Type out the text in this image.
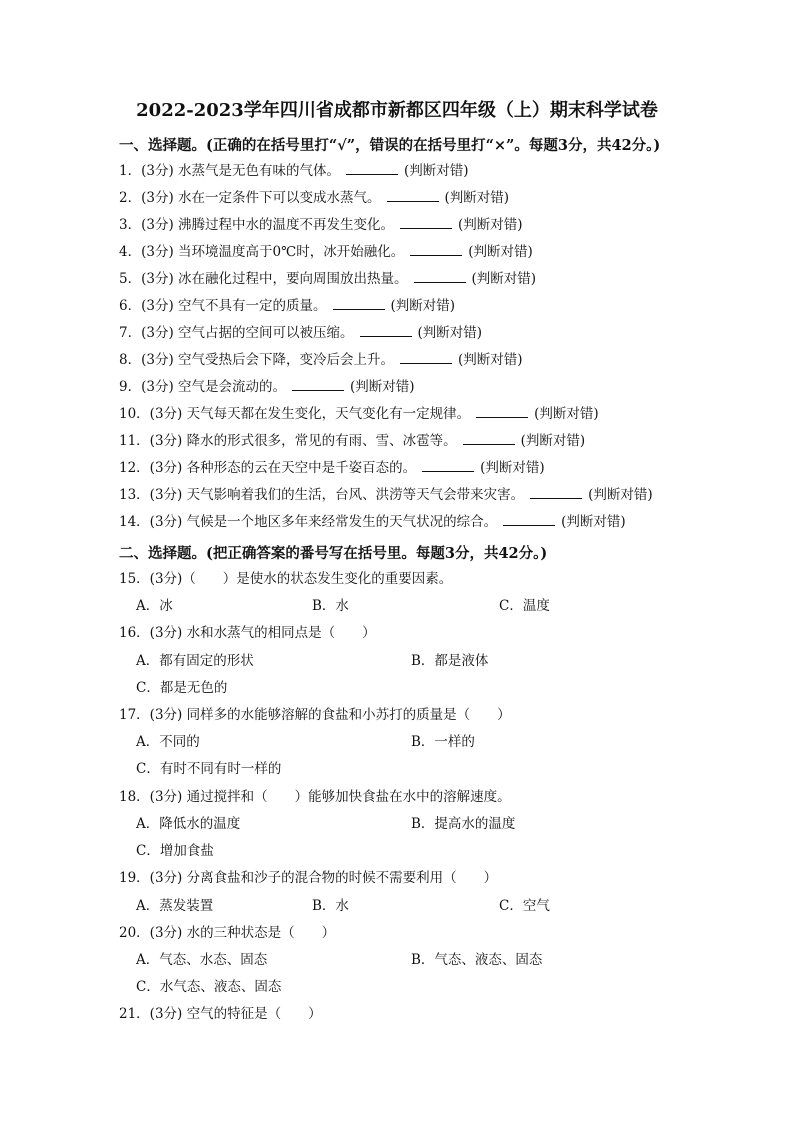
2022-2023学年四川省成都市新都区四年级（上）期末科学试卷
一、选择题。(正确的在括号里打“√”，错误的在括号里打“×”。每题3分，共42分。)
1．(3分) 水蒸气是无色有味的气体。	(判断对错)
2．(3分) 水在一定条件下可以变成水蒸气。	(判断对错)
3．(3分) 沸腾过程中水的温度不再发生变化。	(判断对错)
4．(3分) 当环境温度高于0℃时，冰开始融化。	(判断对错)
5．(3分) 冰在融化过程中，要向周围放出热量。	(判断对错)
6．(3分) 空气不具有一定的质量。	(判断对错)
7．(3分) 空气占据的空间可以被压缩。	(判断对错)
8．(3分) 空气受热后会下降，变冷后会上升。	(判断对错)
9．(3分) 空气是会流动的。	(判断对错)
10．(3分) 天气每天都在发生变化，天气变化有一定规律。	(判断对错)
11．(3分) 降水的形式很多，常见的有雨、雪、冰雹等。	(判断对错)
12．(3分) 各种形态的云在天空中是千姿百态的。	(判断对错)
13．(3分) 天气影响着我们的生活，台风、洪涝等天气会带来灾害。	(判断对错)
14．(3分) 气候是一个地区多年来经常发生的天气状况的综合。	(判断对错)
二、选择题。(把正确答案的番号写在括号里。每题3分，共42分。)
15．(3分)（　　）是使水的状态发生变化的重要因素。
A．冰	B．水	C．温度
16．(3分) 水和水蒸气的相同点是（　　）
A．都有固定的形状	B．都是液体
C．都是无色的
17．(3分) 同样多的水能够溶解的食盐和小苏打的质量是（　　）
A．不同的	B．一样的
C．有时不同有时一样的
18．(3分) 通过搅拌和（　　）能够加快食盐在水中的溶解速度。
A．降低水的温度	B．提高水的温度
C．增加食盐
19．(3分) 分离食盐和沙子的混合物的时候不需要利用（　　）
A．蒸发装置	B．水	C．空气
20．(3分) 水的三种状态是（　　）
A．气态、水态、固态	B．气态、液态、固态
C．水气态、液态、固态
21．(3分) 空气的特征是（　　）
